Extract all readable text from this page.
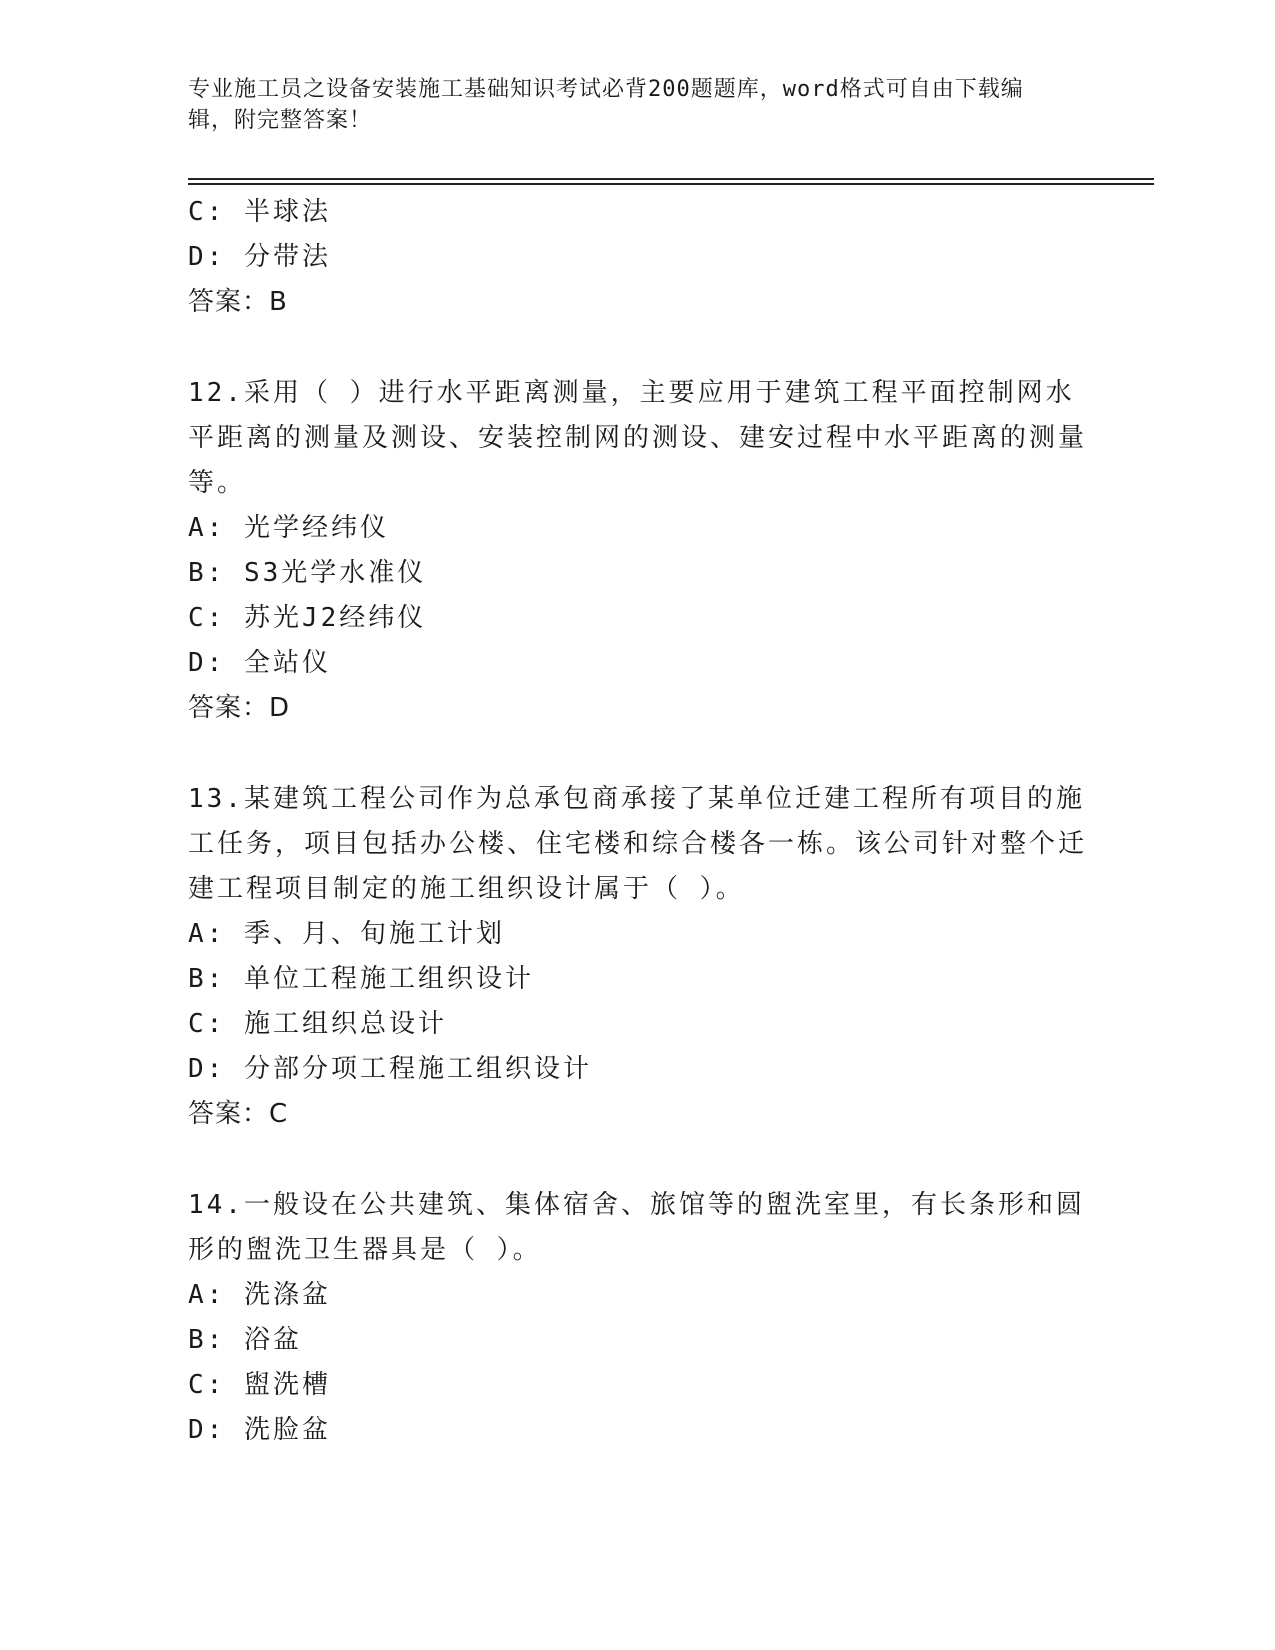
专业施工员之设备安装施工基础知识考试必背200题题库，word格式可自由下载编辑，附完整答案！
C: 半球法
D: 分带法
答案：B
12.采用（ ）进行水平距离测量，主要应用于建筑工程平面控制网水平距离的测量及测设、安装控制网的测设、建安过程中水平距离的测量等。
A: 光学经纬仪
B: S3光学水准仪
C: 苏光J2经纬仪
D: 全站仪
答案：D
13.某建筑工程公司作为总承包商承接了某单位迁建工程所有项目的施工任务，项目包括办公楼、住宅楼和综合楼各一栋。该公司针对整个迁建工程项目制定的施工组织设计属于（ ）。
A: 季、月、旬施工计划
B: 单位工程施工组织设计
C: 施工组织总设计
D: 分部分项工程施工组织设计
答案：C
14.一般设在公共建筑、集体宿舍、旅馆等的盥洗室里，有长条形和圆形的盥洗卫生器具是（ ）。
A: 洗涤盆
B: 浴盆
C: 盥洗槽
D: 洗脸盆
